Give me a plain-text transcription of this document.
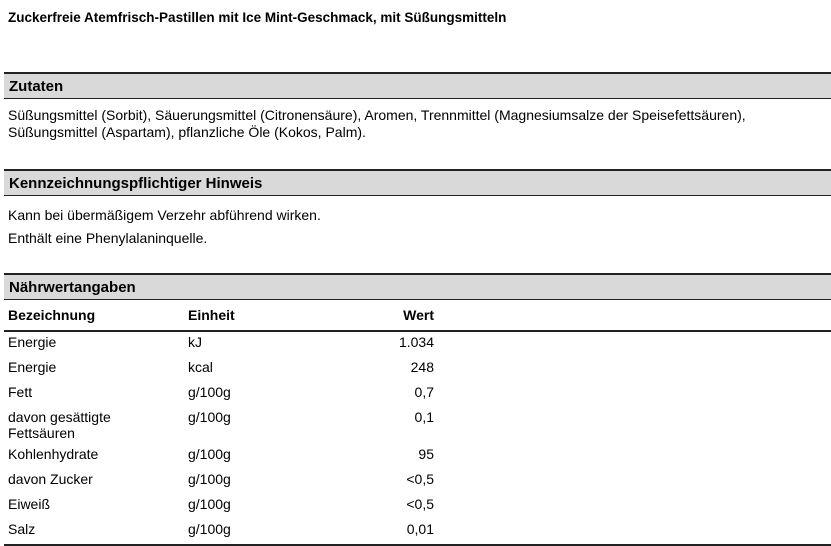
Zuckerfreie Atemfrisch-Pastillen mit Ice Mint-Geschmack, mit Süßungsmitteln
Zutaten
Süßungsmittel (Sorbit), Säuerungsmittel (Citronensäure), Aromen, Trennmittel (Magnesiumsalze der Speisefettsäuren), Süßungsmittel (Aspartam), pflanzliche Öle (Kokos, Palm).
Kennzeichnungspflichtiger Hinweis
Kann bei übermäßigem Verzehr abführend wirken.
Enthält eine Phenylalaninquelle.
Nährwertangaben
Bezeichnung	Einheit	Wert	
Energie	kJ	1.034	
Energie	kcal	248	
Fett	g/100g	0,7	
davon gesättigte Fettsäuren	g/100g	0,1	
Kohlenhydrate	g/100g	95	
davon Zucker	g/100g	<0,5	
Eiweiß	g/100g	<0,5	
Salz	g/100g	0,01	
